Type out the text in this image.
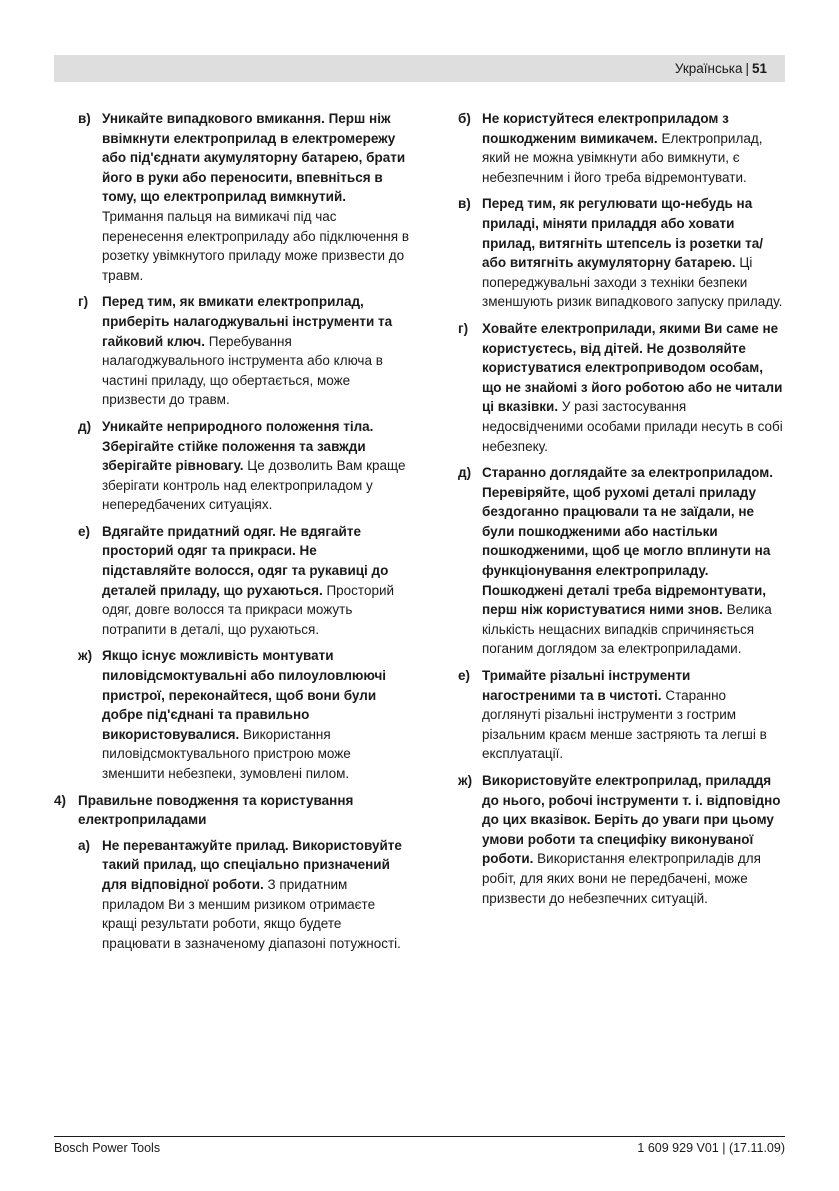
Українська | 51
в) Уникайте випадкового вмикання. Перш ніж ввімкнути електроприлад в електромережу або під'єднати акумуляторну батарею, брати його в руки або переносити, впевніться в тому, що електроприлад вимкнутий. Тримання пальця на вимикачі під час перенесення електроприладу або підключення в розетку увімкнутого приладу може призвести до травм.
г) Перед тим, як вмикати електроприлад, приберіть налагоджувальні інструменти та гайковий ключ. Перебування налагоджувального інструмента або ключа в частині приладу, що обертається, може призвести до травм.
д) Уникайте неприродного положення тіла. Зберігайте стійке положення та завжди зберігайте рівновагу. Це дозволить Вам краще зберігати контроль над електроприладом у непередбачених ситуаціях.
е) Вдягайте придатний одяг. Не вдягайте просторий одяг та прикраси. Не підставляйте волосся, одяг та рукавиці до деталей приладу, що рухаються. Просторий одяг, довге волосся та прикраси можуть потрапити в деталі, що рухаються.
ж) Якщо існує можливість монтувати пиловідсмоктувальні або пилоуловлюючі пристрої, переконайтеся, щоб вони були добре під'єднані та правильно використовувалися. Використання пиловідсмоктувального пристрою може зменшити небезпеки, зумовлені пилом.
4) Правильне поводження та користування електроприладами
а) Не перевантажуйте прилад. Використовуйте такий прилад, що спеціально призначений для відповідної роботи. З придатним приладом Ви з меншим ризиком отримаєте кращі результати роботи, якщо будете працювати в зазначеному діапазоні потужності.
б) Не користуйтеся електроприладом з пошкодженим вимикачем. Електроприлад, який не можна увімкнути або вимкнути, є небезпечним і його треба відремонтувати.
в) Перед тим, як регулювати що-небудь на приладі, міняти приладдя або ховати прилад, витягніть штепсель із розетки та/або витягніть акумуляторну батарею. Ці попереджувальні заходи з техніки безпеки зменшують ризик випадкового запуску приладу.
г) Ховайте електроприлади, якими Ви саме не користуєтесь, від дітей. Не дозволяйте користуватися електроприводом особам, що не знайомі з його роботою або не читали ці вказівки. У разі застосування недосвідченими особами прилади несуть в собі небезпеку.
д) Старанно доглядайте за електроприладом. Перевіряйте, щоб рухомі деталі приладу бездоганно працювали та не заїдали, не були пошкодженими або настільки пошкодженими, щоб це могло вплинути на функціонування електроприладу. Пошкоджені деталі треба відремонтувати, перш ніж користуватися ними знов. Велика кількість нещасних випадків спричиняється поганим доглядом за електроприладами.
е) Тримайте різальні інструменти нагостреними та в чистоті. Старанно доглянуті різальні інструменти з гострим різальним краєм менше застряють та легші в експлуатації.
ж) Використовуйте електроприлад, приладдя до нього, робочі інструменти т. і. відповідно до цих вказівок. Беріть до уваги при цьому умови роботи та специфіку виконуваної роботи. Використання електроприладів для робіт, для яких вони не передбачені, може призвести до небезпечних ситуацій.
Bosch Power Tools	1 609 929 V01 | (17.11.09)
